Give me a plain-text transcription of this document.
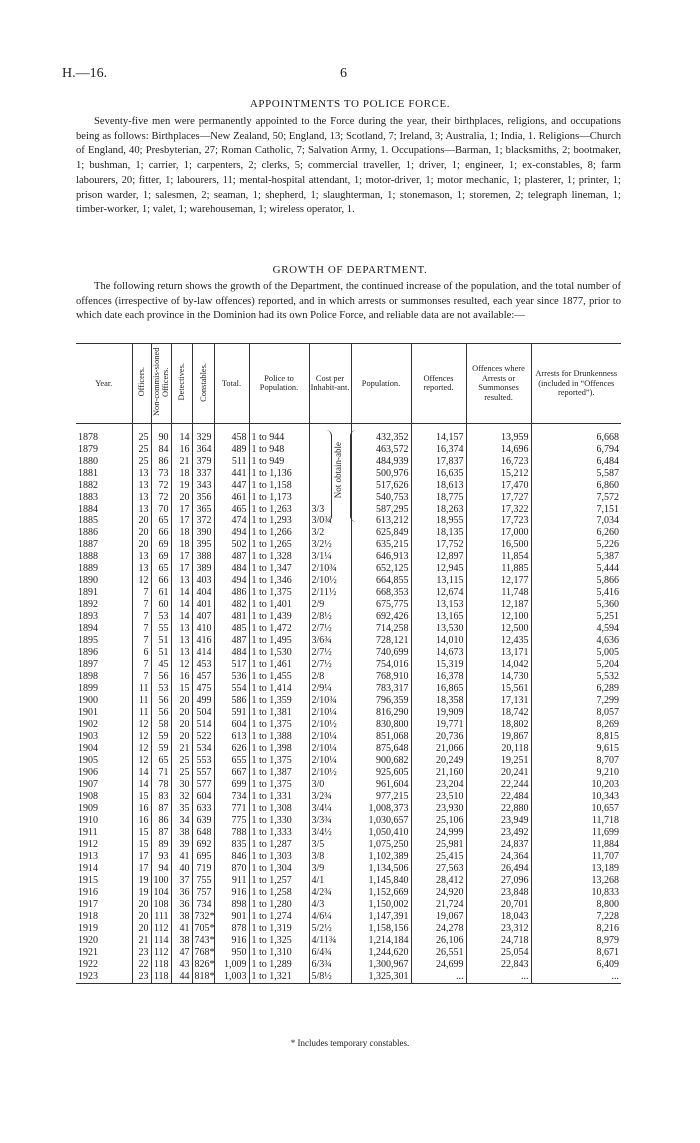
H.—16.	6
APPOINTMENTS TO POLICE FORCE.
Seventy-five men were permanently appointed to the Force during the year, their birthplaces, religions, and occupations being as follows: Birthplaces—New Zealand, 50; England, 13; Scotland, 7; Ireland, 3; Australia, 1; India, 1. Religions—Church of England, 40; Presbyterian, 27; Roman Catholic, 7; Salvation Army, 1. Occupations—Barman, 1; blacksmiths, 2; bootmaker, 1; bushman, 1; carrier, 1; carpenters, 2; clerks, 5; commercial traveller, 1; driver, 1; engineer, 1; ex-constables, 8; farm labourers, 20; fitter, 1; labourers, 11; mental-hospital attendant, 1; motor-driver, 1; motor mechanic, 1; plasterer, 1; printer, 1; prison warder, 1; salesmen, 2; seaman, 1; shepherd, 1; slaughterman, 1; stonemason, 1; storemen, 2; telegraph lineman, 1; timber-worker, 1; valet, 1; warehouseman, 1; wireless operator, 1.
GROWTH OF DEPARTMENT.
The following return shows the growth of the Department, the continued increase of the population, and the total number of offences (irrespective of by-law offences) reported, and in which arrests or summonses resulted, each year since 1877, prior to which date each province in the Dominion had its own Police Force, and reliable data are not available:—
Year.	Officers.	Non-commis-sioned Officers.	Detectives.	Constables.	Total.	Police to Population.	Cost per Inhabit-ant.	Population.	Offences reported.	Offences where Arrests or Summonses resulted.	Arrests for Drunkenness (included in “Offences reported”).

1878	25	90	14	329	458	1 to 944		432,352	14,157	13,959	6,668
1879	25	84	16	364	489	1 to 948		463,572	16,374	14,696	6,794
1880	25	86	21	379	511	1 to 949		484,939	17,837	16,723	6,484
1881	13	73	18	337	441	1 to 1,136		500,976	16,635	15,212	5,587
1882	13	72	19	343	447	1 to 1,158		517,626	18,613	17,470	6,860
1883	13	72	20	356	461	1 to 1,173		540,753	18,775	17,727	7,572
1884	13	70	17	365	465	1 to 1,263	3/3	587,295	18,263	17,322	7,151
1885	20	65	17	372	474	1 to 1,293	3/0¾	613,212	18,955	17,723	7,034
1886	20	66	18	390	494	1 to 1,266	3/2	625,849	18,135	17,000	6,260
1887	20	69	18	395	502	1 to 1,265	3/2½	635,215	17,752	16,500	5,226
1888	13	69	17	388	487	1 to 1,328	3/1¼	646,913	12,897	11,854	5,387
1889	13	65	17	389	484	1 to 1,347	2/10¾	652,125	12,945	11,885	5,444
1890	12	66	13	403	494	1 to 1,346	2/10½	664,855	13,115	12,177	5,866
1891	7	61	14	404	486	1 to 1,375	2/11½	668,353	12,674	11,748	5,416
1892	7	60	14	401	482	1 to 1,401	2/9	675,775	13,153	12,187	5,360
1893	7	53	14	407	481	1 to 1,439	2/8½	692,426	13,165	12,100	5,251
1894	7	55	13	410	485	1 to 1,472	2/7½	714,258	13,530	12,500	4,594
1895	7	51	13	416	487	1 to 1,495	3/6¾	728,121	14,010	12,435	4,636
1896	6	51	13	414	484	1 to 1,530	2/7½	740,699	14,673	13,171	5,005
1897	7	45	12	453	517	1 to 1,461	2/7½	754,016	15,319	14,042	5,204
1898	7	56	16	457	536	1 to 1,455	2/8	768,910	16,378	14,730	5,532
1899	11	53	15	475	554	1 to 1,414	2/9¼	783,317	16,865	15,561	6,289
1900	11	56	20	499	586	1 to 1,359	2/10¾	796,359	18,358	17,131	7,299
1901	11	56	20	504	591	1 to 1,381	2/10¼	816,290	19,909	18,742	8,057
1902	12	58	20	514	604	1 to 1,375	2/10½	830,800	19,771	18,802	8,269
1903	12	59	20	522	613	1 to 1,388	2/10¼	851,068	20,736	19,867	8,815
1904	12	59	21	534	626	1 to 1,398	2/10¼	875,648	21,066	20,118	9,615
1905	12	65	25	553	655	1 to 1,375	2/10¼	900,682	20,249	19,251	8,707
1906	14	71	25	557	667	1 to 1,387	2/10½	925,605	21,160	20,241	9,210
1907	14	78	30	577	699	1 to 1,375	3/0	961,604	23,204	22,244	10,203
1908	15	83	32	604	734	1 to 1,331	3/2¾	977,215	23,510	22,484	10,343
1909	16	87	35	633	771	1 to 1,308	3/4¼	1,008,373	23,930	22,880	10,657
1910	16	86	34	639	775	1 to 1,330	3/3¾	1,030,657	25,106	23,949	11,718
1911	15	87	38	648	788	1 to 1,333	3/4½	1,050,410	24,999	23,492	11,699
1912	15	89	39	692	835	1 to 1,287	3/5	1,075,250	25,981	24,837	11,884
1913	17	93	41	695	846	1 to 1,303	3/8	1,102,389	25,415	24,364	11,707
1914	17	94	40	719	870	1 to 1,304	3/9	1,134,506	27,563	26,494	13,189
1915	19	100	37	755	911	1 to 1,257	4/1	1,145,840	28,412	27,096	13,268
1916	19	104	36	757	916	1 to 1,258	4/2¾	1,152,669	24,920	23,848	10,833
1917	20	108	36	734	898	1 to 1,280	4/3	1,150,002	21,724	20,701	8,800
1918	20	111	38	732*	901	1 to 1,274	4/6¼	1,147,391	19,067	18,043	7,228
1919	20	112	41	705*	878	1 to 1,319	5/2½	1,158,156	24,278	23,312	8,216
1920	21	114	38	743*	916	1 to 1,325	4/11¾	1,214,184	26,106	24,718	8,979
1921	23	112	47	768*	950	1 to 1,310	6/4¾	1,244,620	26,551	25,054	8,671
1922	22	118	43	826*	1,009	1 to 1,289	6/3¾	1,300,967	24,699	22,843	6,409
1923	23	118	44	818*	1,003	1 to 1,321	5/8½	1,325,301	...	...	...
Not obtain-able
* Includes temporary constables.
